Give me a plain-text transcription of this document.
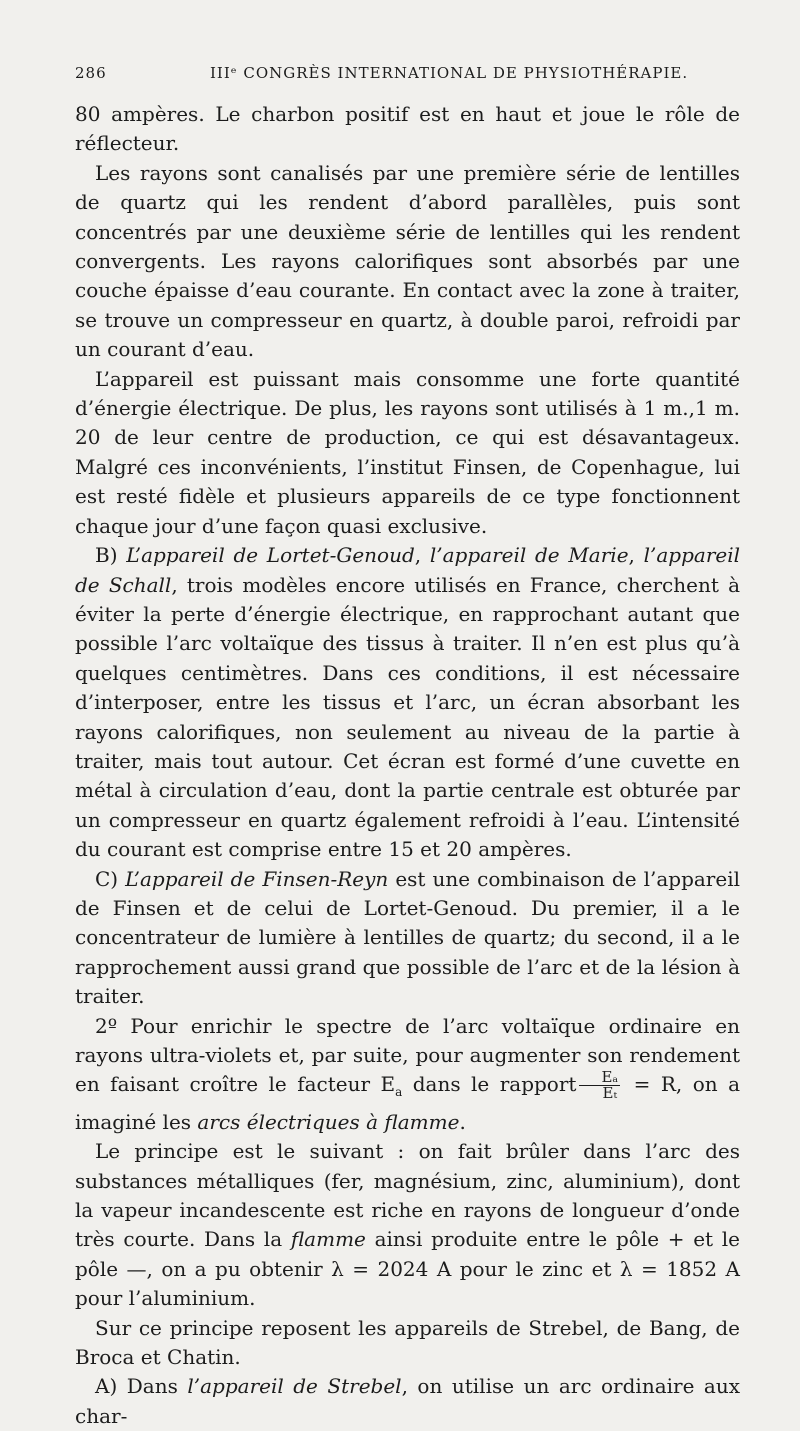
286	IIIᵉ CONGRÈS INTERNATIONAL DE PHYSIOTHÉRAPIE.

80 ampères. Le charbon positif est en haut et joue le rôle de réflecteur.

Les rayons sont canalisés par une première série de lentilles de quartz qui les rendent d’abord parallèles, puis sont concentrés par une deuxième série de lentilles qui les rendent convergents. Les rayons calorifiques sont absorbés par une couche épaisse d’eau courante. En contact avec la zone à traiter, se trouve un compresseur en quartz, à double paroi, refroidi par un courant d’eau.

L’appareil est puissant mais consomme une forte quantité d’énergie électrique. De plus, les rayons sont utilisés à 1 m.,1 m. 20 de leur centre de production, ce qui est désavantageux. Malgré ces inconvénients, l’institut Finsen, de Copenhague, lui est resté fidèle et plusieurs appareils de ce type fonctionnent chaque jour d’une façon quasi exclusive.

B) L’appareil de Lortet-Genoud, l’appareil de Marie, l’appareil de Schall, trois modèles encore utilisés en France, cherchent à éviter la perte d’énergie électrique, en rapprochant autant que possible l’arc voltaïque des tissus à traiter. Il n’en est plus qu’à quelques centimètres. Dans ces conditions, il est nécessaire d’interposer, entre les tissus et l’arc, un écran absorbant les rayons calorifiques, non seulement au niveau de la partie à traiter, mais tout autour. Cet écran est formé d’une cuvette en métal à circulation d’eau, dont la partie centrale est obturée par un compresseur en quartz également refroidi à l’eau. L’intensité du courant est comprise entre 15 et 20 ampères.

C) L’appareil de Finsen-Reyn est une combinaison de l’appareil de Finsen et de celui de Lortet-Genoud. Du premier, il a le concentrateur de lumière à lentilles de quartz; du second, il a le rapprochement aussi grand que possible de l’arc et de la lésion à traiter.

2º Pour enrichir le spectre de l’arc voltaïque ordinaire en rayons ultra-violets et, par suite, pour augmenter son rendement en faisant croître le facteur $E_a$ dans le rapport $\frac{\text{Eₐ}}{\text{Eₜ}} = R$, on a imaginé les arcs électriques à flamme.

Le principe est le suivant : on fait brûler dans l’arc des substances métalliques (fer, magnésium, zinc, aluminium), dont la vapeur incandescente est riche en rayons de longueur d’onde très courte. Dans la flamme ainsi produite entre le pôle + et le pôle —, on a pu obtenir λ = 2024 A pour le zinc et λ = 1852 A pour l’aluminium.

Sur ce principe reposent les appareils de Strebel, de Bang, de Broca et Chatin.

A) Dans l’appareil de Strebel, on utilise un arc ordinaire aux char-
